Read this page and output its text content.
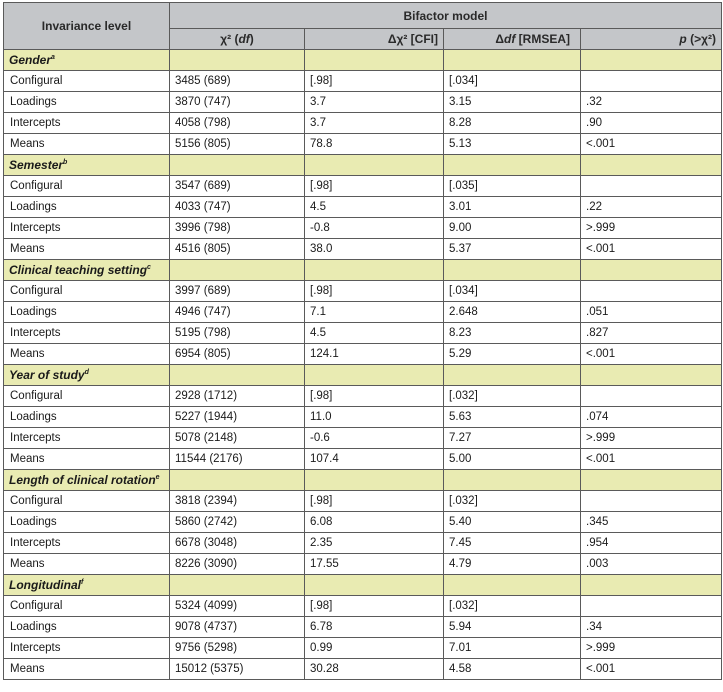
Invariance level	Bifactor model			
	χ² (df)	Δχ² [CFI]	Δdf [RMSEA]	p (>χ²)
Gender$^a$				
Configural	3485 (689)	[.98]	[.034]	
Loadings	3870 (747)	3.7	3.15	.32
Intercepts	4058 (798)	3.7	8.28	.90
Means	5156 (805)	78.8	5.13	<.001
Semester$^b$				
Configural	3547 (689)	[.98]	[.035]	
Loadings	4033 (747)	4.5	3.01	.22
Intercepts	3996 (798)	-0.8	9.00	>.999
Means	4516 (805)	38.0	5.37	<.001
Clinical teaching setting$^c$				
Configural	3997 (689)	[.98]	[.034]	
Loadings	4946 (747)	7.1	2.648	.051
Intercepts	5195 (798)	4.5	8.23	.827
Means	6954 (805)	124.1	5.29	<.001
Year of study$^d$				
Configural	2928 (1712)	[.98]	[.032]	
Loadings	5227 (1944)	11.0	5.63	.074
Intercepts	5078 (2148)	-0.6	7.27	>.999
Means	11544 (2176)	107.4	5.00	<.001
Length of clinical rotation$^e$				
Configural	3818 (2394)	[.98]	[.032]	
Loadings	5860 (2742)	6.08	5.40	.345
Intercepts	6678 (3048)	2.35	7.45	.954
Means	8226 (3090)	17.55	4.79	.003
Longitudinal$^f$				
Configural	5324 (4099)	[.98]	[.032]	
Loadings	9078 (4737)	6.78	5.94	.34
Intercepts	9756 (5298)	0.99	7.01	>.999
Means	15012 (5375)	30.28	4.58	<.001
